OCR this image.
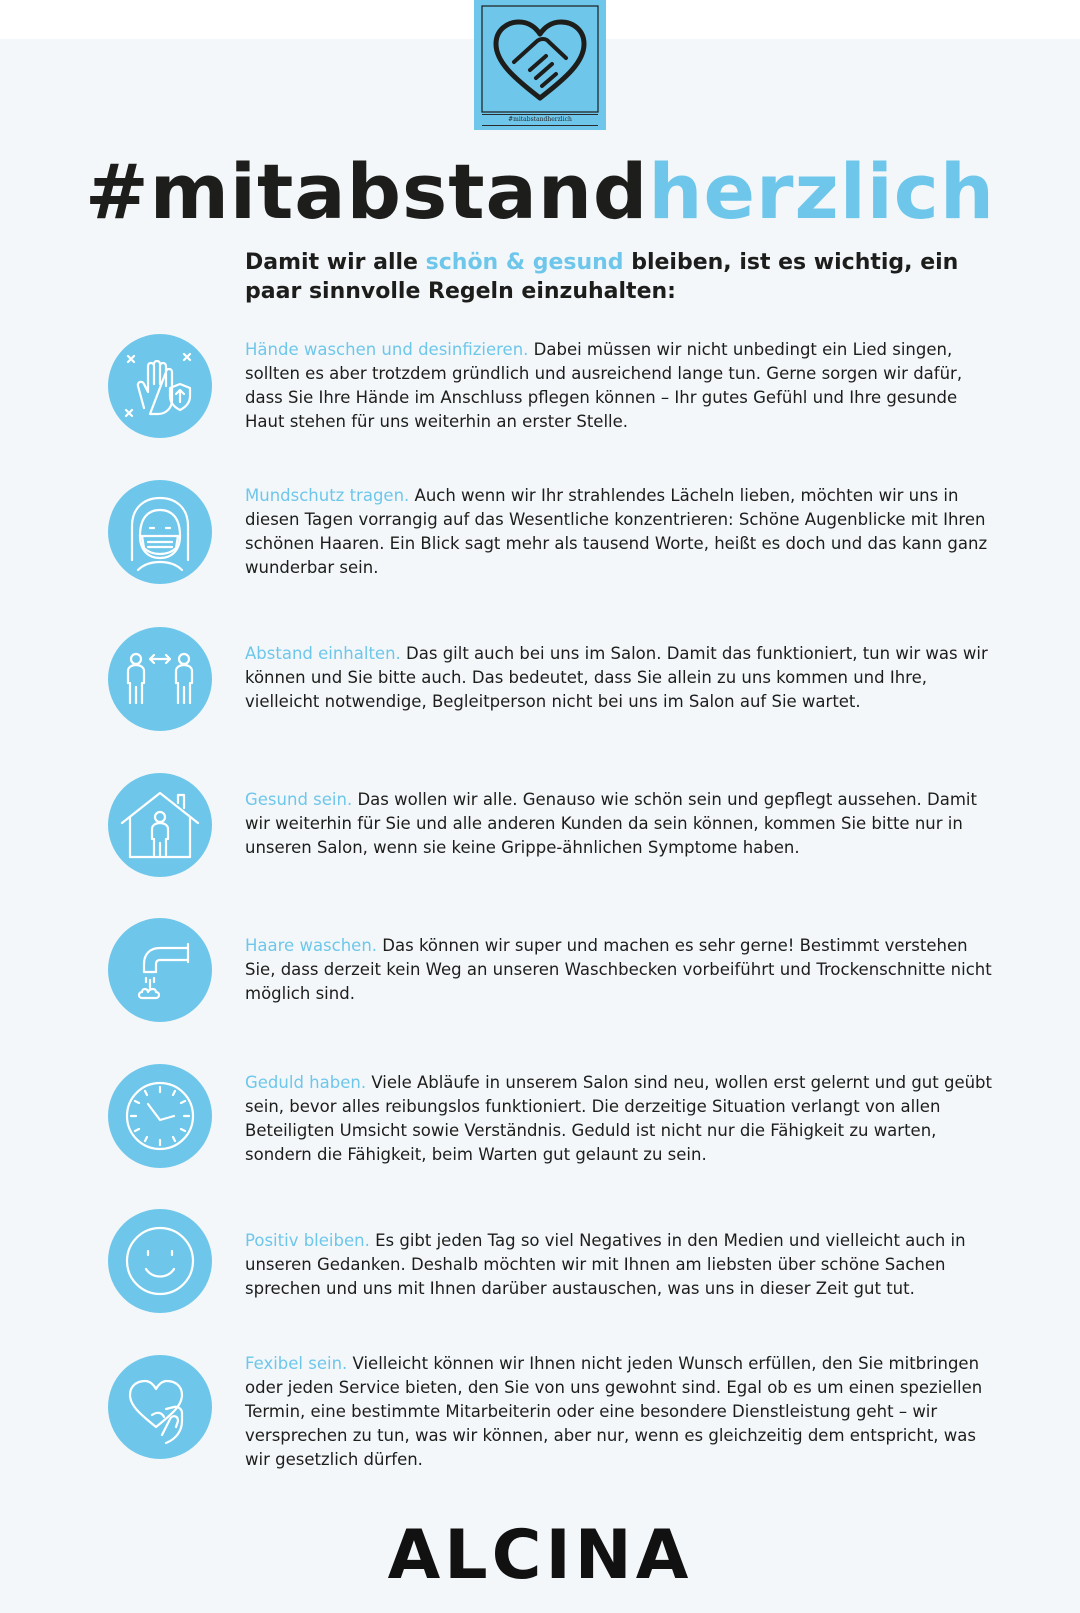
#mitabstandherzlich
#mitabstandherzlich
Damit wir alle schön & gesund bleiben, ist es wichtig, ein paar sinnvolle Regeln einzuhalten:
Hände waschen und desinfizieren. Dabei müssen wir nicht unbedingt ein Lied singen, sollten es aber trotzdem gründlich und ausreichend lange tun. Gerne sorgen wir dafür, dass Sie Ihre Hände im Anschluss pflegen können – Ihr gutes Gefühl und Ihre gesunde Haut stehen für uns weiterhin an erster Stelle.
Mundschutz tragen. Auch wenn wir Ihr strahlendes Lächeln lieben, möchten wir uns in diesen Tagen vorrangig auf das Wesentliche konzentrieren: Schöne Augenblicke mit Ihren schönen Haaren. Ein Blick sagt mehr als tausend Worte, heißt es doch und das kann ganz wunderbar sein.
Abstand einhalten. Das gilt auch bei uns im Salon. Damit das funktioniert, tun wir was wir können und Sie bitte auch. Das bedeutet, dass Sie allein zu uns kommen und Ihre, vielleicht notwendige, Begleitperson nicht bei uns im Salon auf Sie wartet.
Gesund sein. Das wollen wir alle. Genauso wie schön sein und gepflegt aussehen. Damit wir weiterhin für Sie und alle anderen Kunden da sein können, kommen Sie bitte nur in unseren Salon, wenn sie keine Grippe-ähnlichen Symptome haben.
Haare waschen. Das können wir super und machen es sehr gerne! Bestimmt verstehen Sie, dass derzeit kein Weg an unseren Waschbecken vorbeiführt und Trockenschnitte nicht möglich sind.
Geduld haben. Viele Abläufe in unserem Salon sind neu, wollen erst gelernt und gut geübt sein, bevor alles reibungslos funktioniert. Die derzeitige Situation verlangt von allen Beteiligten Umsicht sowie Verständnis. Geduld ist nicht nur die Fähigkeit zu warten, sondern die Fähigkeit, beim Warten gut gelaunt zu sein.
Positiv bleiben. Es gibt jeden Tag so viel Negatives in den Medien und vielleicht auch in unseren Gedanken. Deshalb möchten wir mit Ihnen am liebsten über schöne Sachen sprechen und uns mit Ihnen darüber austauschen, was uns in dieser Zeit gut tut.
Fexibel sein. Vielleicht können wir Ihnen nicht jeden Wunsch erfüllen, den Sie mitbringen oder jeden Service bieten, den Sie von uns gewohnt sind. Egal ob es um einen speziellen Termin, eine bestimmte Mitarbeiterin oder eine besondere Dienstleistung geht – wir versprechen zu tun, was wir können, aber nur, wenn es gleichzeitig dem entspricht, was wir gesetzlich dürfen.
ALCINA
